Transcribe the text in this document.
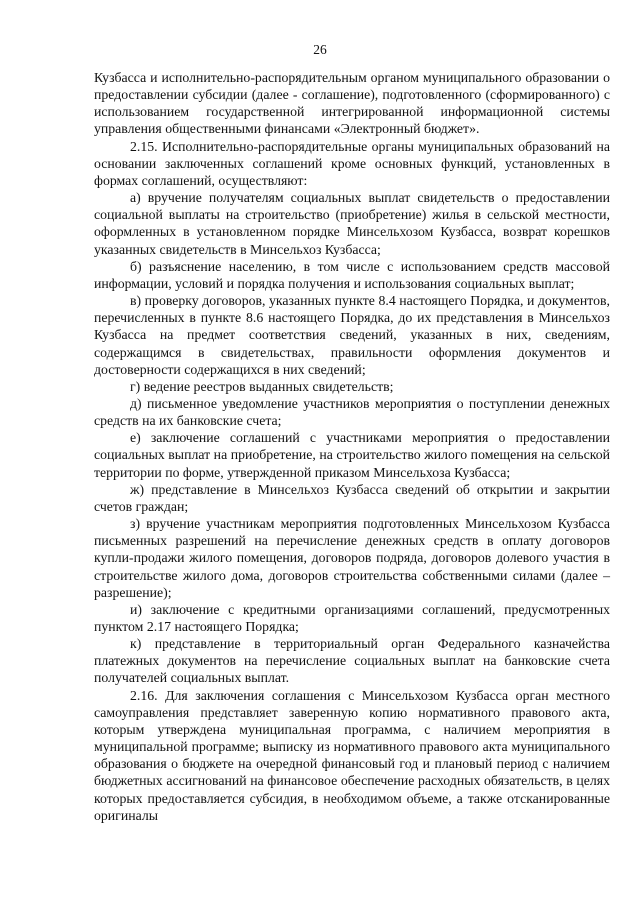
26

Кузбасса и исполнительно-распорядительным органом муниципального образовании о предоставлении субсидии (далее - соглашение), подготовленного (сформированного) с использованием государственной интегрированной информационной системы управления общественными финансами «Электронный бюджет».

2.15. Исполнительно-распорядительные органы муниципальных образований на основании заключенных соглашений кроме основных функций, установленных в формах соглашений, осуществляют:

а) вручение получателям социальных выплат свидетельств о предоставлении социальной выплаты на строительство (приобретение) жилья в сельской местности, оформленных в установленном порядке Минсельхозом Кузбасса, возврат корешков указанных свидетельств в Минсельхоз Кузбасса;

б) разъяснение населению, в том числе с использованием средств массовой информации, условий и порядка получения и использования социальных выплат;

в) проверку договоров, указанных пункте 8.4 настоящего Порядка, и документов, перечисленных в пункте 8.6 настоящего Порядка, до их представления в Минсельхоз Кузбасса на предмет соответствия сведений, указанных в них, сведениям, содержащимся в свидетельствах, правильности оформления документов и достоверности содержащихся в них сведений;

г) ведение реестров выданных свидетельств;

д) письменное уведомление участников мероприятия о поступлении денежных средств на их банковские счета;

е) заключение соглашений с участниками мероприятия о предоставлении социальных выплат на приобретение, на строительство жилого помещения на сельской территории по форме, утвержденной приказом Минсельхоза Кузбасса;

ж) представление в Минсельхоз Кузбасса сведений об открытии и закрытии счетов граждан;

з) вручение участникам мероприятия подготовленных Минсельхозом Кузбасса письменных разрешений на перечисление денежных средств в оплату договоров купли-продажи жилого помещения, договоров подряда, договоров долевого участия в строительстве жилого дома, договоров строительства собственными силами (далее – разрешение);

и) заключение с кредитными организациями соглашений, предусмотренных пунктом 2.17 настоящего Порядка;

к) представление в территориальный орган Федерального казначейства платежных документов на перечисление социальных выплат на банковские счета получателей социальных выплат.

2.16. Для заключения соглашения с Минсельхозом Кузбасса орган местного самоуправления представляет заверенную копию нормативного правового акта, которым утверждена муниципальная программа, с наличием мероприятия в муниципальной программе; выписку из нормативного правового акта муниципального образования о бюджете на очередной финансовый год и плановый период с наличием бюджетных ассигнований на финансовое обеспечение расходных обязательств, в целях которых предоставляется субсидия, в необходимом объеме, а также отсканированные оригиналы
